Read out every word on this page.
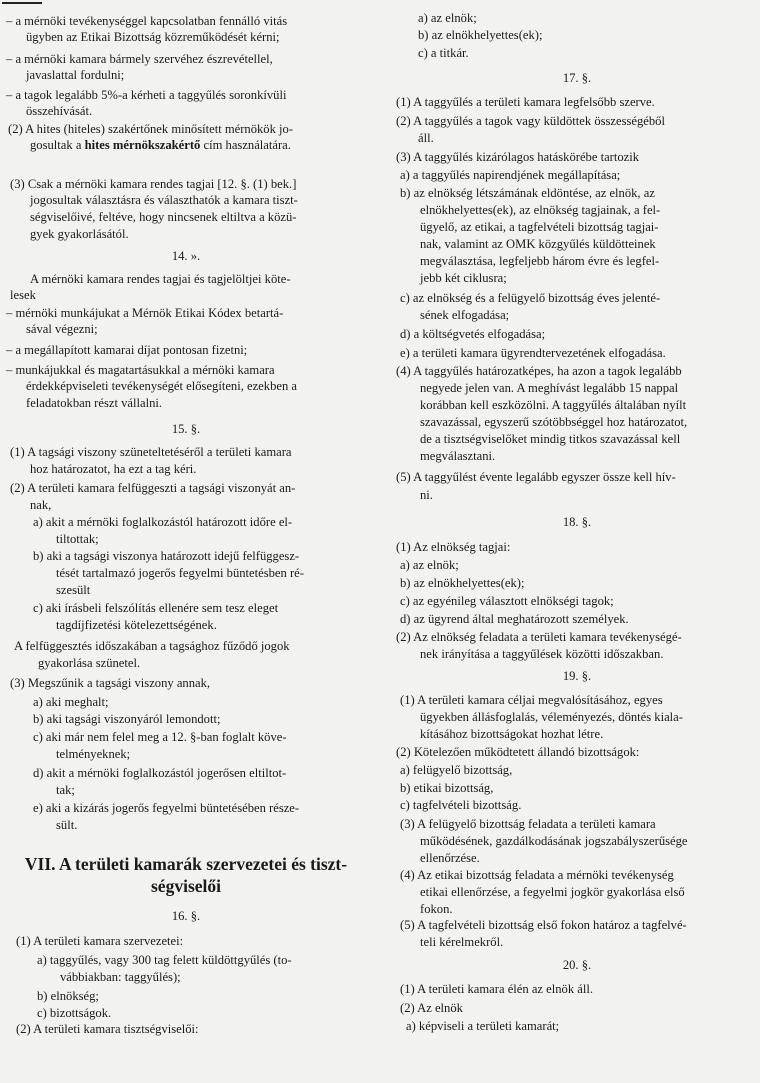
– a mérnöki tevékenységgel kapcsolatban fennálló vitás
ügyben az Etikai Bizottság közreműködését kérni;
– a mérnöki kamara bármely szervéhez észrevétellel,
javaslattal fordulni;
– a tagok legalább 5%-a kérheti a taggyűlés soronkívüli
összehívását.
(2) A hites (hiteles) szakértőnek minősített mérnökök jo-
gosultak a hites mérnökszakértő cím használatára.
(3) Csak a mérnöki kamara rendes tagjai [12. §. (1) bek.]
jogosultak választásra és választhatók a kamara tiszt-
ségviselőivé, feltéve, hogy nincsenek eltiltva a közü-
gyek gyakorlásától.
14. ».
A mérnöki kamara rendes tagjai és tagjelöltjei köte-
lesek
– mérnöki munkájukat a Mérnök Etikai Kódex betartá-
sával végezni;
– a megállapított kamarai díjat pontosan fizetni;
– munkájukkal és magatartásukkal a mérnöki kamara
érdekképviseleti tevékenységét elősegíteni, ezekben a
feladatokban részt vállalni.
15. §.
(1) A tagsági viszony szüneteltetéséről a területi kamara
hoz határozatot, ha ezt a tag kéri.
(2) A területi kamara felfüggeszti a tagsági viszonyát an-
nak,
a) akit a mérnöki foglalkozástól határozott időre el-
tiltottak;
b) aki a tagsági viszonya határozott idejű felfüggesz-
tését tartalmazó jogerős fegyelmi büntetésben ré-
szesült
c) aki írásbeli felszólítás ellenére sem tesz eleget
tagdíjfizetési kötelezettségének.
A felfüggesztés időszakában a tagsághoz fűződő jogok
gyakorlása szünetel.
(3) Megszűnik a tagsági viszony annak,
a) aki meghalt;
b) aki tagsági viszonyáról lemondott;
c) aki már nem felel meg a 12. §-ban foglalt köve-
telményeknek;
d) akit a mérnöki foglalkozástól jogerősen eltiltot-
tak;
e) aki a kizárás jogerős fegyelmi büntetésében része-
sült.
VII. A területi kamarák szervezetei és tiszt-
ségviselői
16. §.
(1) A területi kamara szervezetei:
a) taggyűlés, vagy 300 tag felett küldöttgyűlés (to-
vábbiakban: taggyűlés);
b) elnökség;
c) bizottságok.
(2) A területi kamara tisztségviselői:
a) az elnök;
b) az elnökhelyettes(ek);
c) a titkár.
17. §.
(1) A taggyűlés a területi kamara legfelsőbb szerve.
(2) A taggyűlés a tagok vagy küldöttek összességéből
áll.
(3) A taggyűlés kizárólagos hatáskörébe tartozik
a) a taggyűlés napirendjének megállapítása;
b) az elnökség létszámának eldöntése, az elnök, az
elnökhelyettes(ek), az elnökség tagjainak, a fel-
ügyelő, az etikai, a tagfelvételi bizottság tagjai-
nak, valamint az OMK közgyűlés küldötteinek
megválasztása, legfeljebb három évre és legfel-
jebb két ciklusra;
c) az elnökség és a felügyelő bizottság éves jelenté-
sének elfogadása;
d) a költségvetés elfogadása;
e) a területi kamara ügyrendtervezetének elfogadása.
(4) A taggyűlés határozatképes, ha azon a tagok legalább
negyede jelen van. A meghívást legalább 15 nappal
korábban kell eszközölni. A taggyűlés általában nyílt
szavazással, egyszerű szótöbbséggel hoz határozatot,
de a tisztségviselőket mindig titkos szavazással kell
megválasztani.
(5) A taggyűlést évente legalább egyszer össze kell hív-
ni.
18. §.
(1) Az elnökség tagjai:
a) az elnök;
b) az elnökhelyettes(ek);
c) az egyénileg választott elnökségi tagok;
d) az ügyrend által meghatározott személyek.
(2) Az elnökség feladata a területi kamara tevékenységé-
nek irányítása a taggyűlések közötti időszakban.
19. §.
(1) A területi kamara céljai megvalósításához, egyes
ügyekben állásfoglalás, véleményezés, döntés kiala-
kításához bizottságokat hozhat létre.
(2) Kötelezően működtetett állandó bizottságok:
a) felügyelő bizottság,
b) etikai bizottság,
c) tagfelvételi bizottság.
(3) A felügyelő bizottság feladata a területi kamara
működésének, gazdálkodásának jogszabályszerűsége
ellenőrzése.
(4) Az etikai bizottság feladata a mérnöki tevékenység
etikai ellenőrzése, a fegyelmi jogkör gyakorlása első
fokon.
(5) A tagfelvételi bizottság első fokon határoz a tagfelvé-
teli kérelmekről.
20. §.
(1) A területi kamara élén az elnök áll.
(2) Az elnök
a) képviseli a területi kamarát;
